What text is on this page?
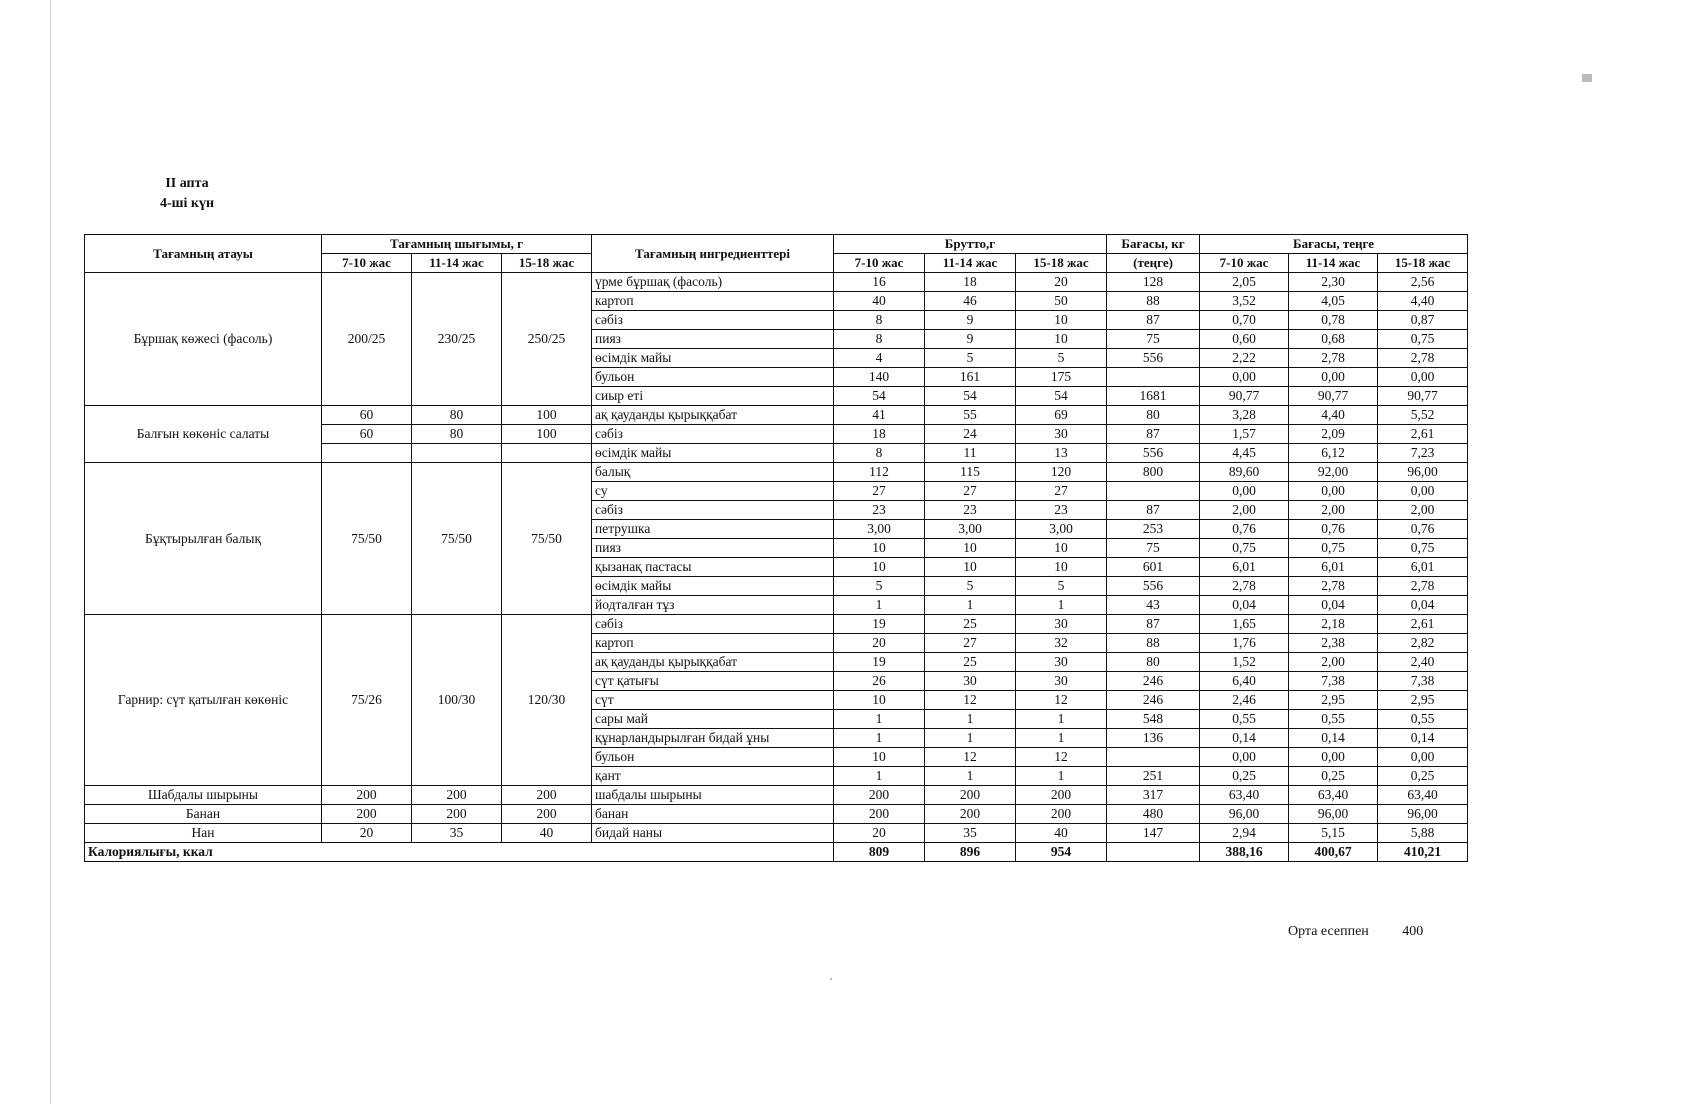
II апта
4-ші күн
Тағамның атауы	Тағамның шығымы, г			Тағамның ингредиенттері	Брутто,г			Бағасы, кг	Бағасы, теңге		
	7-10 жас	11-14 жас	15-18 жас		7-10 жас	11-14 жас	15-18 жас	(теңге)	7-10 жас	11-14 жас	15-18 жас
Бұршақ көжесі (фасоль)	200/25	230/25	250/25	үрме бұршақ (фасоль)	16	18	20	128	2,05	2,30	2,56
				картоп	40	46	50	88	3,52	4,05	4,40
				сәбіз	8	9	10	87	0,70	0,78	0,87
				пияз	8	9	10	75	0,60	0,68	0,75
				өсімдік майы	4	5	5	556	2,22	2,78	2,78
				бульон	140	161	175		0,00	0,00	0,00
				сиыр еті	54	54	54	1681	90,77	90,77	90,77
Балғын көкөніс салаты	60	80	100	ақ қауданды қырыққабат	41	55	69	80	3,28	4,40	5,52
	60	80	100	сәбіз	18	24	30	87	1,57	2,09	2,61
				өсімдік майы	8	11	13	556	4,45	6,12	7,23
Бұқтырылған балық	75/50	75/50	75/50	балық	112	115	120	800	89,60	92,00	96,00
				су	27	27	27		0,00	0,00	0,00
				сәбіз	23	23	23	87	2,00	2,00	2,00
				петрушка	3,00	3,00	3,00	253	0,76	0,76	0,76
				пияз	10	10	10	75	0,75	0,75	0,75
				қызанақ пастасы	10	10	10	601	6,01	6,01	6,01
				өсімдік майы	5	5	5	556	2,78	2,78	2,78
				йодталған тұз	1	1	1	43	0,04	0,04	0,04
Гарнир: сүт қатылған көкөніс	75/26	100/30	120/30	сәбіз	19	25	30	87	1,65	2,18	2,61
				картоп	20	27	32	88	1,76	2,38	2,82
				ақ қауданды қырыққабат	19	25	30	80	1,52	2,00	2,40
				сүт қатығы	26	30	30	246	6,40	7,38	7,38
				сүт	10	12	12	246	2,46	2,95	2,95
				сары май	1	1	1	548	0,55	0,55	0,55
				құнарландырылған бидай ұны	1	1	1	136	0,14	0,14	0,14
				бульон	10	12	12		0,00	0,00	0,00
				қант	1	1	1	251	0,25	0,25	0,25
Шабдалы шырыны	200	200	200	шабдалы шырыны	200	200	200	317	63,40	63,40	63,40
Банан	200	200	200	банан	200	200	200	480	96,00	96,00	96,00
Нан	20	35	40	бидай наны	20	35	40	147	2,94	5,15	5,88
Калориялығы, ккал					809	896	954		388,16	400,67	410,21
Орта есеппен 400
